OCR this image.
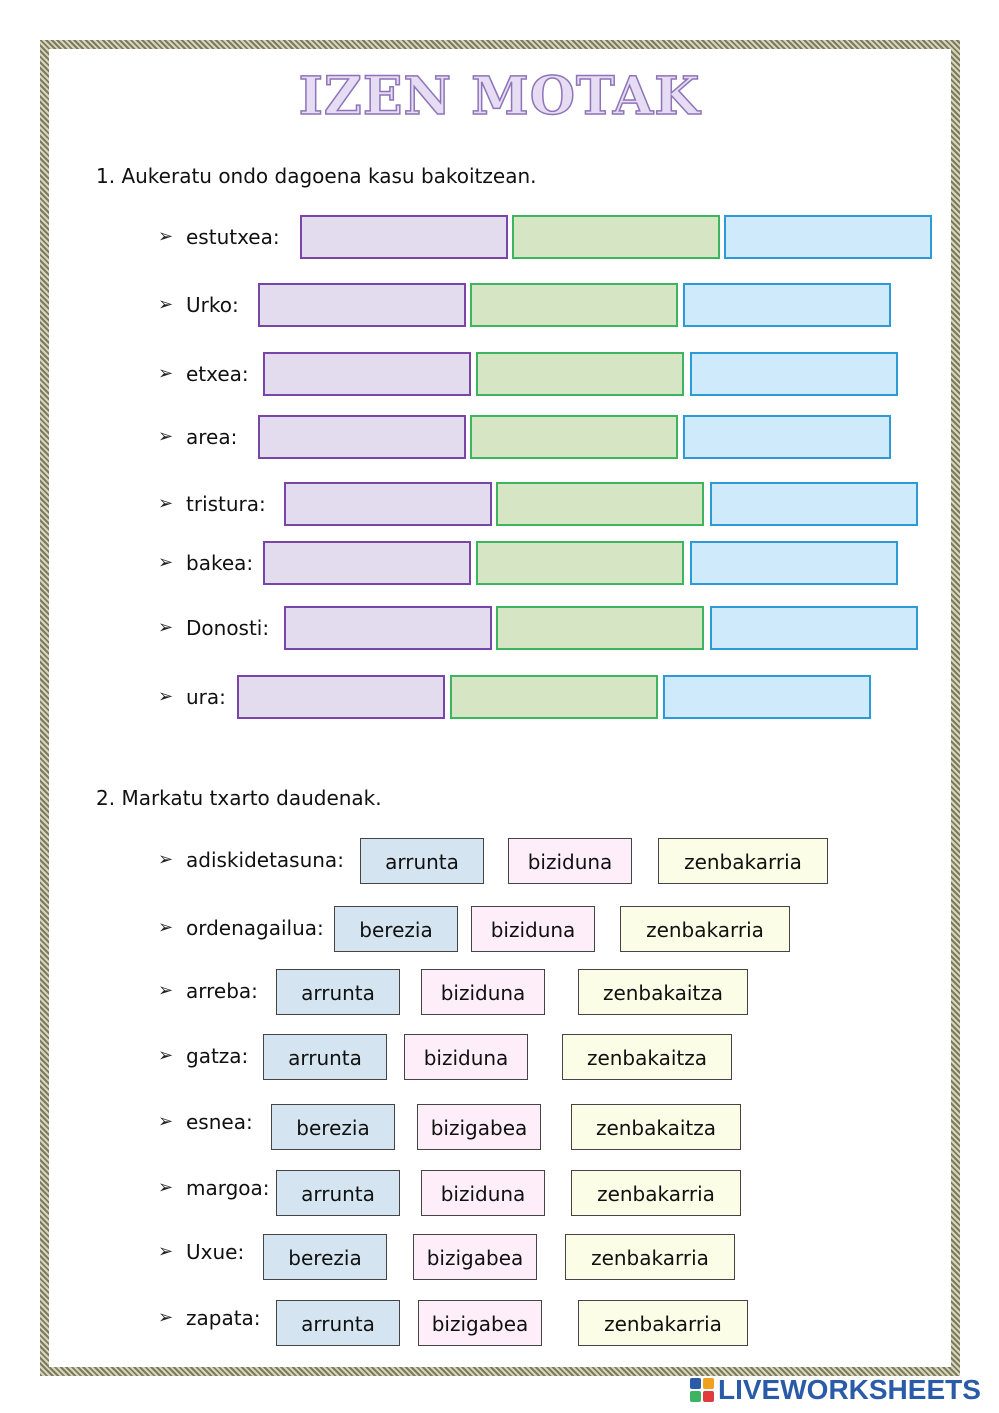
IZEN MOTAK
1. Aukeratu ondo dagoena kasu bakoitzean.
➢ estutxea:
➢ Urko:
➢ etxea:
➢ area:
➢ tristura:
➢ bakea:
➢ Donosti:
➢ ura:
2. Markatu txarto daudenak.
➢ adiskidetasuna:	arrunta	biziduna	zenbakarria
➢ ordenagailua:	berezia	biziduna	zenbakarria
➢ arreba:	arrunta	biziduna	zenbakaitza
➢ gatza:	arrunta	biziduna	zenbakaitza
➢ esnea:	berezia	bizigabea	zenbakaitza
➢ margoa:	arrunta	biziduna	zenbakarria
➢ Uxue:	berezia	bizigabea	zenbakarria
➢ zapata:	arrunta	bizigabea	zenbakarria
LIVEWORKSHEETS
